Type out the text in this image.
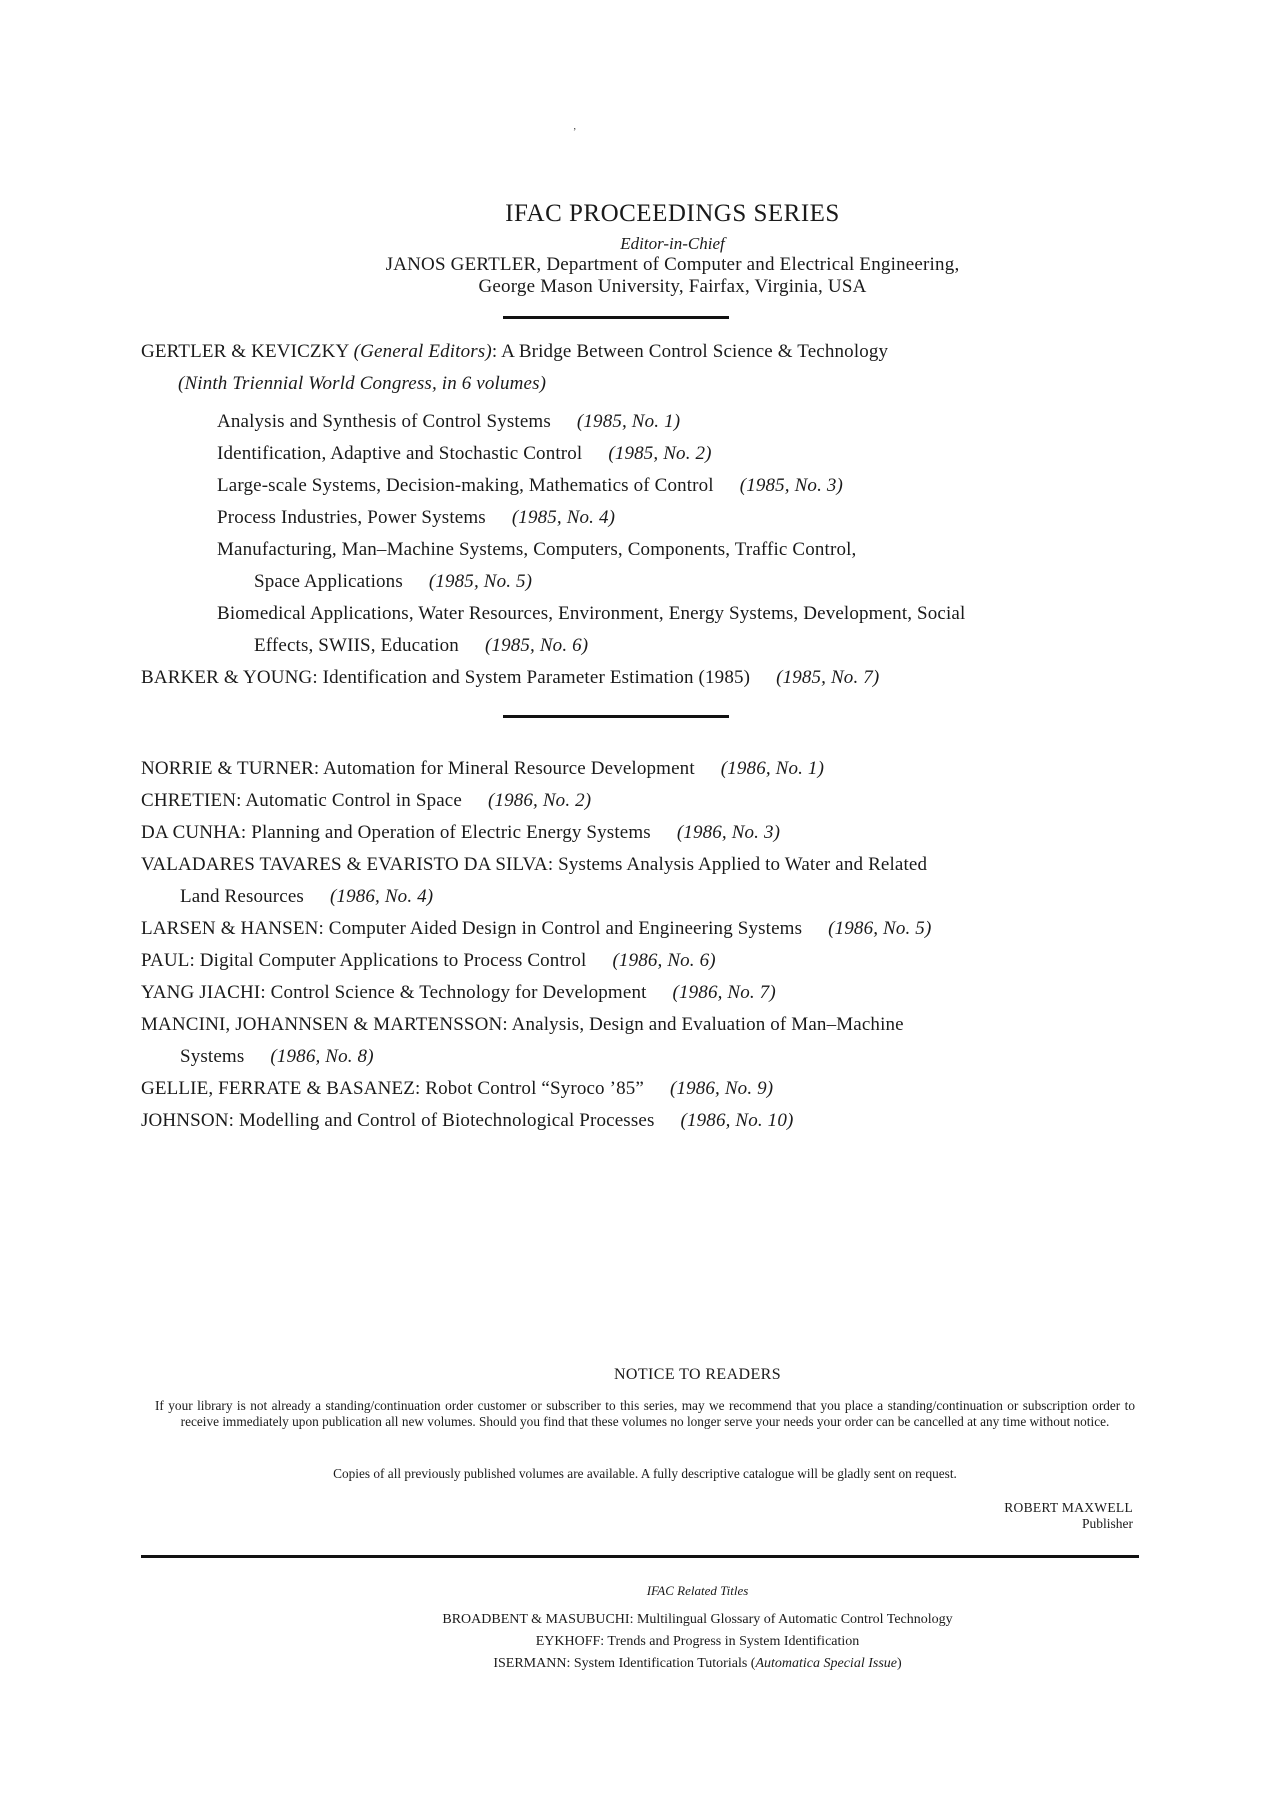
ʼ
IFAC PROCEEDINGS SERIES
Editor-in-Chief
JANOS GERTLER, Department of Computer and Electrical Engineering,
George Mason University, Fairfax, Virginia, USA
GERTLER & KEVICZKY (General Editors): A Bridge Between Control Science & Technology
(Ninth Triennial World Congress, in 6 volumes)
Analysis and Synthesis of Control Systems (1985, No. 1)
Identification, Adaptive and Stochastic Control (1985, No. 2)
Large-scale Systems, Decision-making, Mathematics of Control (1985, No. 3)
Process Industries, Power Systems (1985, No. 4)
Manufacturing, Man–Machine Systems, Computers, Components, Traffic Control,
Space Applications (1985, No. 5)
Biomedical Applications, Water Resources, Environment, Energy Systems, Development, Social
Effects, SWIIS, Education (1985, No. 6)
BARKER & YOUNG: Identification and System Parameter Estimation (1985) (1985, No. 7)
NORRIE & TURNER: Automation for Mineral Resource Development (1986, No. 1)
CHRETIEN: Automatic Control in Space (1986, No. 2)
DA CUNHA: Planning and Operation of Electric Energy Systems (1986, No. 3)
VALADARES TAVARES & EVARISTO DA SILVA: Systems Analysis Applied to Water and Related
Land Resources (1986, No. 4)
LARSEN & HANSEN: Computer Aided Design in Control and Engineering Systems (1986, No. 5)
PAUL: Digital Computer Applications to Process Control (1986, No. 6)
YANG JIACHI: Control Science & Technology for Development (1986, No. 7)
MANCINI, JOHANNSEN & MARTENSSON: Analysis, Design and Evaluation of Man–Machine
Systems (1986, No. 8)
GELLIE, FERRATE & BASANEZ: Robot Control “Syroco ’85” (1986, No. 9)
JOHNSON: Modelling and Control of Biotechnological Processes (1986, No. 10)
NOTICE TO READERS
If your library is not already a standing/continuation order customer or subscriber to this series, may we recommend that you place a standing/continuation or subscription order to receive immediately upon publication all new volumes. Should you find that these volumes no longer serve your needs your order can be cancelled at any time without notice.
Copies of all previously published volumes are available. A fully descriptive catalogue will be gladly sent on request.
ROBERT MAXWELL
Publisher
IFAC Related Titles
BROADBENT & MASUBUCHI: Multilingual Glossary of Automatic Control Technology
EYKHOFF: Trends and Progress in System Identification
ISERMANN: System Identification Tutorials (Automatica Special Issue)
